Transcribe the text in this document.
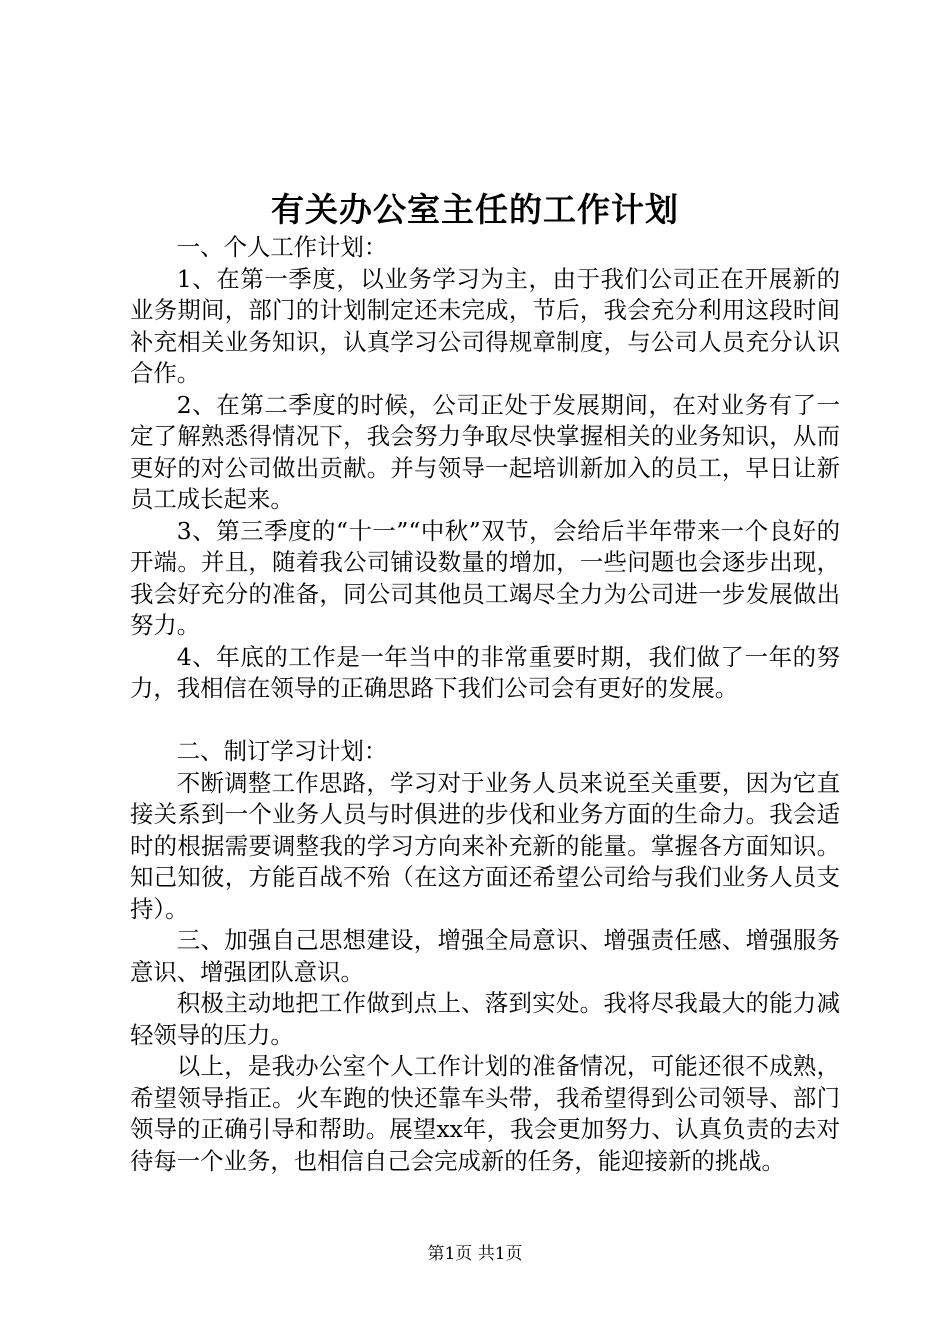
有关办公室主任的工作计划

一、个人工作计划：

1、在第一季度，以业务学习为主，由于我们公司正在开展新的业务期间，部门的计划制定还未完成，节后，我会充分利用这段时间补充相关业务知识，认真学习公司得规章制度，与公司人员充分认识合作。

2、在第二季度的时候，公司正处于发展期间，在对业务有了一定了解熟悉得情况下，我会努力争取尽快掌握相关的业务知识，从而更好的对公司做出贡献。并与领导一起培训新加入的员工，早日让新员工成长起来。

3、第三季度的“十一”“中秋”双节，会给后半年带来一个良好的开端。并且，随着我公司铺设数量的增加，一些问题也会逐步出现，我会好充分的准备，同公司其他员工竭尽全力为公司进一步发展做出努力。

4、年底的工作是一年当中的非常重要时期，我们做了一年的努力，我相信在领导的正确思路下我们公司会有更好的发展。

二、制订学习计划：

不断调整工作思路，学习对于业务人员来说至关重要，因为它直接关系到一个业务人员与时俱进的步伐和业务方面的生命力。我会适时的根据需要调整我的学习方向来补充新的能量。掌握各方面知识。知己知彼，方能百战不殆（在这方面还希望公司给与我们业务人员支持）。

三、加强自己思想建设，增强全局意识、增强责任感、增强服务意识、增强团队意识。

积极主动地把工作做到点上、落到实处。我将尽我最大的能力减轻领导的压力。

以上，是我办公室个人工作计划的准备情况，可能还很不成熟，希望领导指正。火车跑的快还靠车头带，我希望得到公司领导、部门领导的正确引导和帮助。展望xx年，我会更加努力、认真负责的去对待每一个业务，也相信自己会完成新的任务，能迎接新的挑战。

第1页 共1页
